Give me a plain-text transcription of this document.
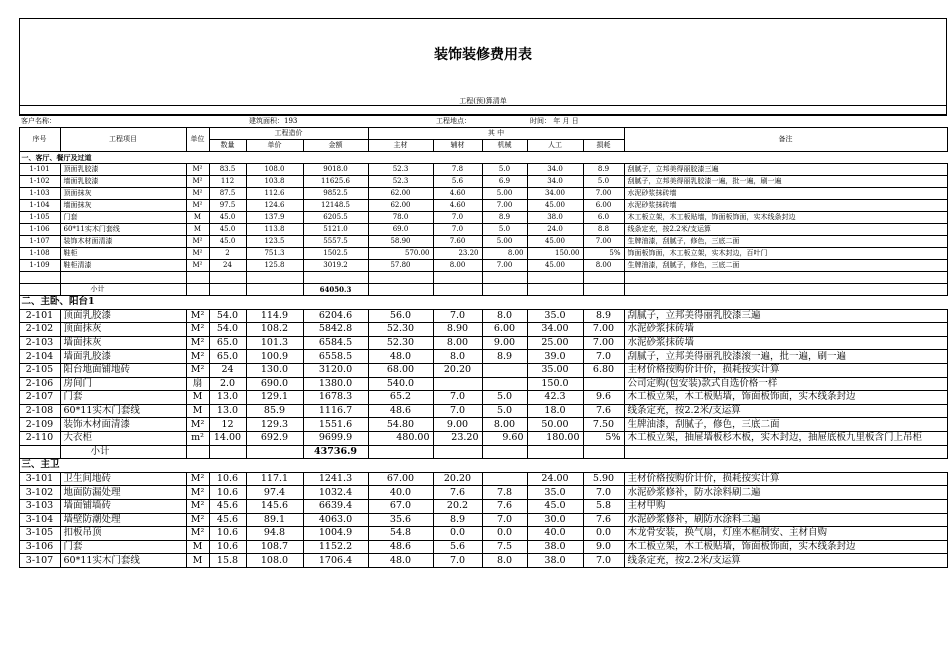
装饰装修费用表
工程(预)算清单
	客户名称：				建筑面积：193			工程地点：		时间： 年 月 日		
	序号	工程项目	单位	工程造价			其 中					备注
			数量	单价	金额	主材	辅材	机械	人工	损耗	
	一、客厅、餐厅及过道											
	1-101	顶面乳胶漆	M²	83.5	108.0	9018.0	52.3	7.8	5.0	34.0	8.9	刮腻子，立邦美得丽胶漆三遍
	1-102	墙面乳胶漆	M²	112	103.8	11625.6	52.3	5.6	6.9	34.0	5.0	刮腻子，立邦美得丽乳胶漆一遍，批一遍，刷一遍
	1-103	顶面抹灰	M²	87.5	112.6	9852.5	62.00	4.60	5.00	34.00	7.00	水泥砂浆抹砖墙
	1-104	墙面抹灰	M²	97.5	124.6	12148.5	62.00	4.60	7.00	45.00	6.00	水泥砂浆抹砖墙
	1-105	门套	M	45.0	137.9	6205.5	78.0	7.0	8.9	38.0	6.0	木工板立架，木工板贴墙，饰面板饰面，实木线条封边
	1-106	60*11实木门套线	M	45.0	113.8	5121.0	69.0	7.0	5.0	24.0	8.8	线条定充，按2.2米/支运算
	1-107	装饰木材面清漆	M²	45.0	123.5	5557.5	58.90	7.60	5.00	45.00	7.00	生牌油漆，刮腻子，修色，三底二面
	1-108	鞋柜	M²	2	751.3	1502.5	570.00	23.20	8.00	150.00	5%	饰面板饰面，木工板立架，实木封边，百叶门
	1-109	鞋柜清漆	M²	24	125.8	3019.2	57.80	8.00	7.00	45.00	8.00	生牌油漆，刮腻子，修色，三底二面

		小计				64050.3						
	二、主卧、阳台1											
	2-101	顶面乳胶漆	M²	54.0	114.9	6204.6	56.0	7.0	8.0	35.0	8.9	刮腻子，立邦美得丽乳胶漆三遍
	2-102	顶面抹灰	M²	54.0	108.2	5842.8	52.30	8.90	6.00	34.00	7.00	水泥砂浆抹砖墙
	2-103	墙面抹灰	M²	65.0	101.3	6584.5	52.30	8.00	9.00	25.00	7.00	水泥砂浆抹砖墙
	2-104	墙面乳胶漆	M²	65.0	100.9	6558.5	48.0	8.0	8.9	39.0	7.0	刮腻子，立邦美得丽乳胶漆滚一遍，批一遍，刷一遍
	2-105	阳台地面铺地砖	M²	24	130.0	3120.0	68.00	20.20		35.00	6.80	主材价格按购价计价，损耗按实计算
	2-106	房间门	扇	2.0	690.0	1380.0	540.0			150.0		公司定购(包安装)款式自选价格一样
	2-107	门套	M	13.0	129.1	1678.3	65.2	7.0	5.0	42.3	9.6	木工板立架，木工板贴墙，饰面板饰面，实木线条封边
	2-108	60*11实木门套线	M	13.0	85.9	1116.7	48.6	7.0	5.0	18.0	7.6	线条定充，按2.2米/支运算
	2-109	装饰木材面清漆	M²	12	129.3	1551.6	54.80	9.00	8.00	50.00	7.50	生牌油漆，刮腻子，修色，三底二面
	2-110	大衣柜	m²	14.00	692.9	9699.9	480.00	23.20	9.60	180.00	5%	木工板立架，抽屉墙板杉木板，实木封边，抽屉底板九里板含门上吊柜
		小计				43736.9						
	三、主卫											
	3-101	卫生间地砖	M²	10.6	117.1	1241.3	67.00	20.20		24.00	5.90	主材价格按购价计价，损耗按实计算
	3-102	地面防漏处理	M²	10.6	97.4	1032.4	40.0	7.6	7.8	35.0	7.0	水泥砂浆修补，防水涂料刷二遍
	3-103	墙面铺墙砖	M²	45.6	145.6	6639.4	67.0	20.2	7.6	45.0	5.8	主材甲购
	3-104	墙壁防潮处理	M²	45.6	89.1	4063.0	35.6	8.9	7.0	30.0	7.6	水泥砂浆修补，刷防水涂料二遍
	3-105	扣板吊顶	M²	10.6	94.8	1004.9	54.8	0.0	0.0	40.0	0.0	木龙骨安装，换气扇，灯座木框制安、主材自购
	3-106	门套	M	10.6	108.7	1152.2	48.6	5.6	7.5	38.0	9.0	木工板立架，木工板贴墙，饰面板饰面，实木线条封边
	3-107	60*11实木门套线	M	15.8	108.0	1706.4	48.0	7.0	8.0	38.0	7.0	线条定充，按2.2米/支运算
